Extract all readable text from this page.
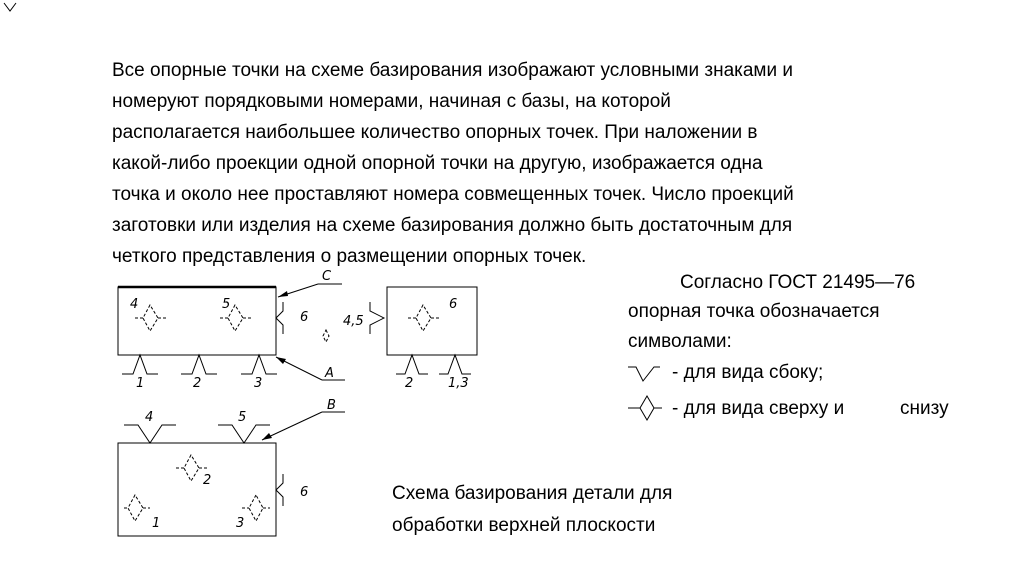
Все опорные точки на схеме базирования изображают условными знаками и
номеруют порядковыми номерами, начиная с базы, на которой
располагается наибольшее количество опорных точек. При наложении в
какой-либо проекции одной опорной точки на другую, изображается одна
точка и около нее проставляют номера совмещенных точек. Число проекций
заготовки или изделия на схеме базирования должно быть достаточным для
четкого представления о размещении опорных точек.
Согласно ГОСТ 21495—76
опорная точка обозначается
символами:
- для вида сбоку;
- для вида сверху и	снизу
Схема базирования детали для
обработки верхней плоскости
C
A
B
1	2	3
4	5
6	4,5
6
2	1,3
4	5
6
1
2
3
